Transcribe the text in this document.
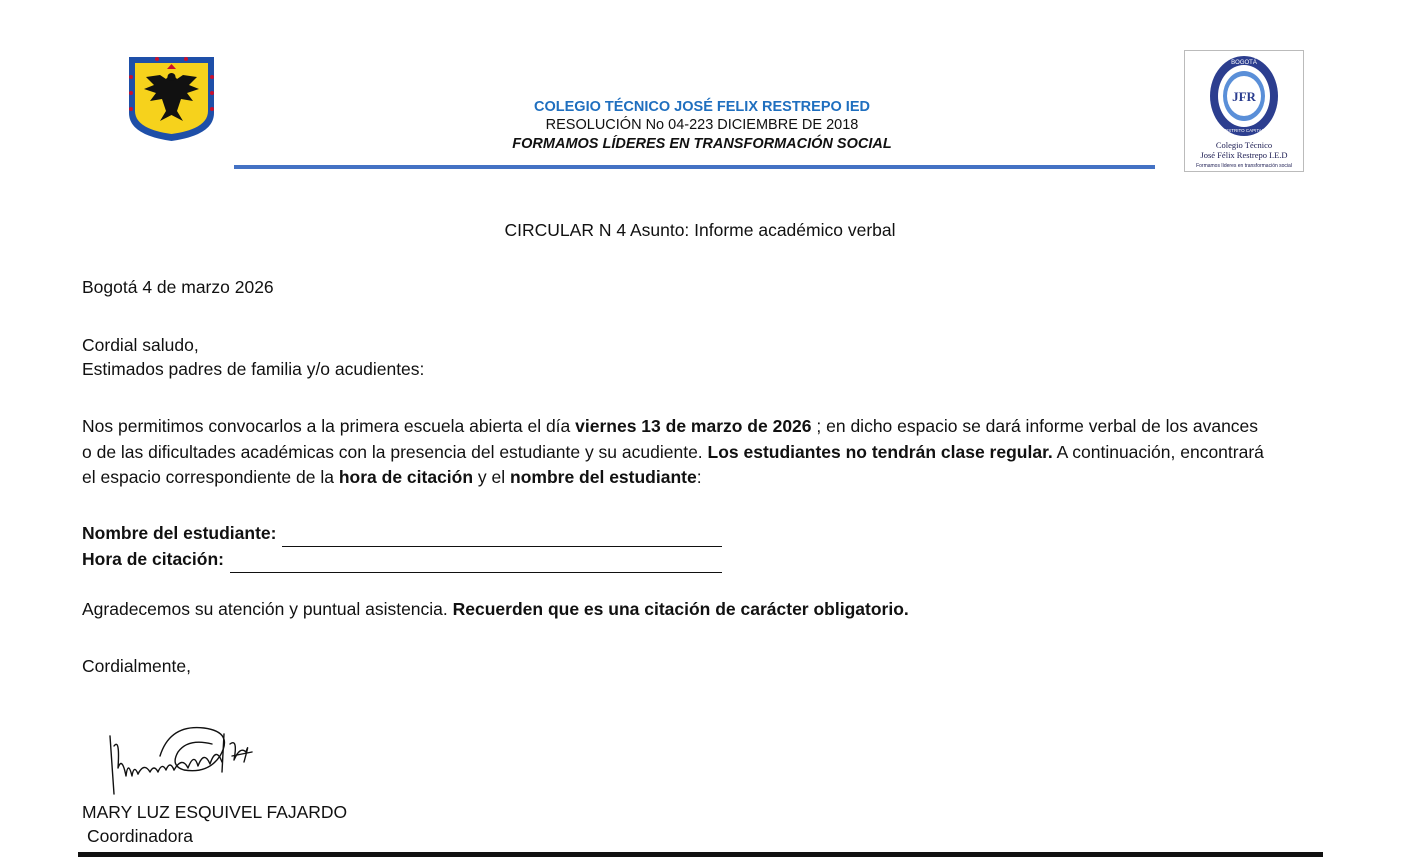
COLEGIO TÉCNICO JOSÉ FELIX RESTREPO IED
RESOLUCIÓN No 04-223 DICIEMBRE DE 2018
FORMAMOS LÍDERES EN TRANSFORMACIÓN SOCIAL
JFR
BOGOTÁ
DISTRITO CAPITAL
Colegio Técnico
José Félix Restrepo I.E.D
Formamos líderes en transformación social
CIRCULAR N 4 Asunto: Informe académico verbal
Bogotá 4 de marzo 2026
Cordial saludo,
Estimados padres de familia y/o acudientes:
Nos permitimos convocarlos a la primera escuela abierta el día viernes 13 de marzo de 2026 ; en dicho espacio se dará informe verbal de los avances
o de las dificultades académicas con la presencia del estudiante y su acudiente. Los estudiantes no tendrán clase regular. A continuación, encontrará
el espacio correspondiente de la hora de citación y el nombre del estudiante:
Nombre del estudiante:
Hora de citación:
Agradecemos su atención y puntual asistencia. Recuerden que es una citación de carácter obligatorio.
Cordialmente,
MARY LUZ ESQUIVEL FAJARDO
Coordinadora
